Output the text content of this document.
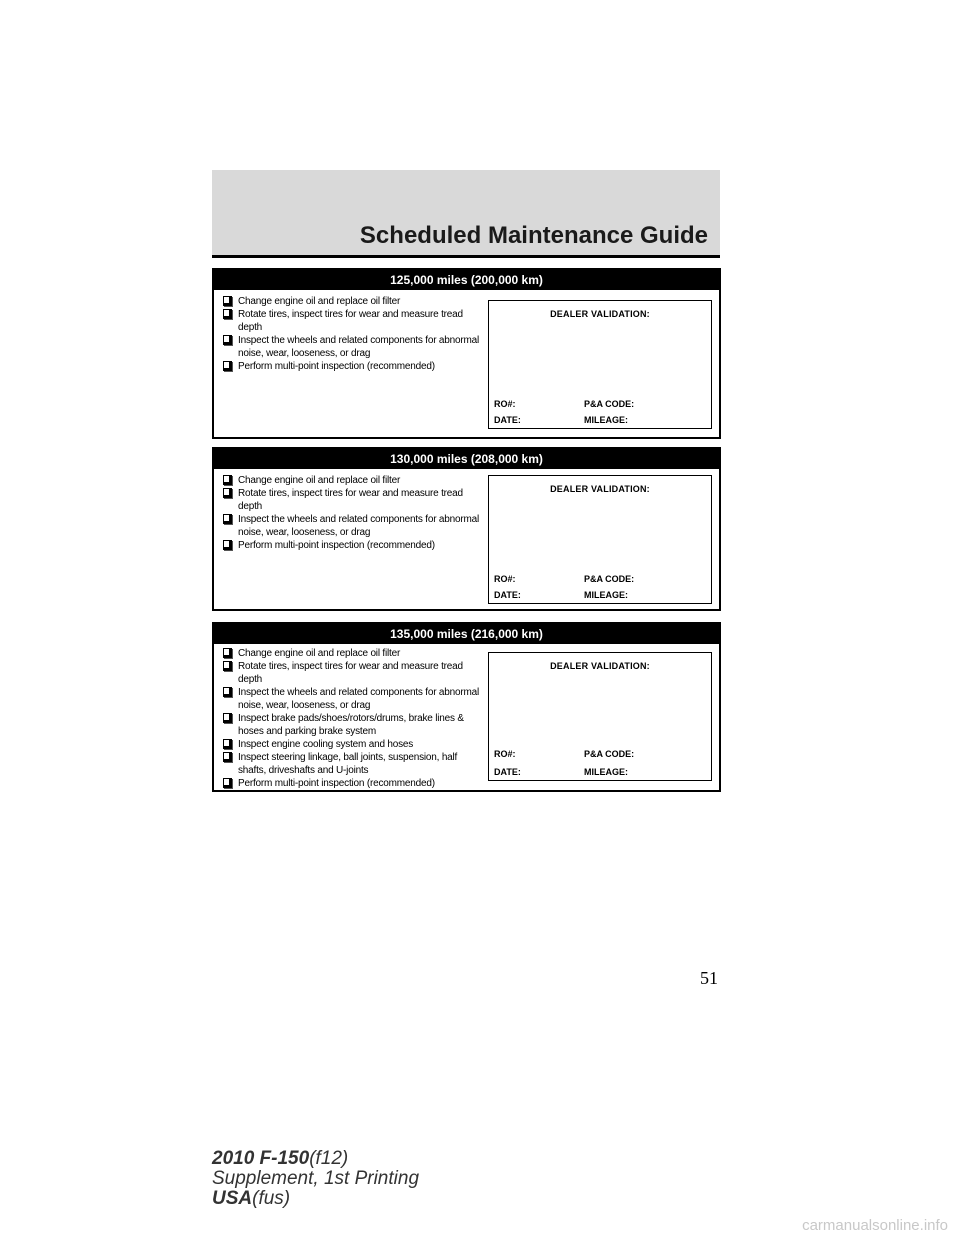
Scheduled Maintenance Guide
125,000 miles (200,000 km)
Change engine oil and replace oil filter
Rotate tires, inspect tires for wear and measure tread depth
Inspect the wheels and related components for abnormal noise, wear, looseness, or drag
Perform multi-point inspection (recommended)
DEALER VALIDATION:
RO#:	P&A CODE:
DATE:	MILEAGE:
130,000 miles (208,000 km)
Change engine oil and replace oil filter
Rotate tires, inspect tires for wear and measure tread depth
Inspect the wheels and related components for abnormal noise, wear, looseness, or drag
Perform multi-point inspection (recommended)
DEALER VALIDATION:
RO#:	P&A CODE:
DATE:	MILEAGE:
135,000 miles (216,000 km)
Change engine oil and replace oil filter
Rotate tires, inspect tires for wear and measure tread depth
Inspect the wheels and related components for abnormal noise, wear, looseness, or drag
Inspect brake pads/shoes/rotors/drums, brake lines & hoses and parking brake system
Inspect engine cooling system and hoses
Inspect steering linkage, ball joints, suspension, half shafts, driveshafts and U-joints
Perform multi-point inspection (recommended)
DEALER VALIDATION:
RO#:	P&A CODE:
DATE:	MILEAGE:
51
2010 F-150(f12)
Supplement, 1st Printing
USA(fus)
carmanualsonline.info
